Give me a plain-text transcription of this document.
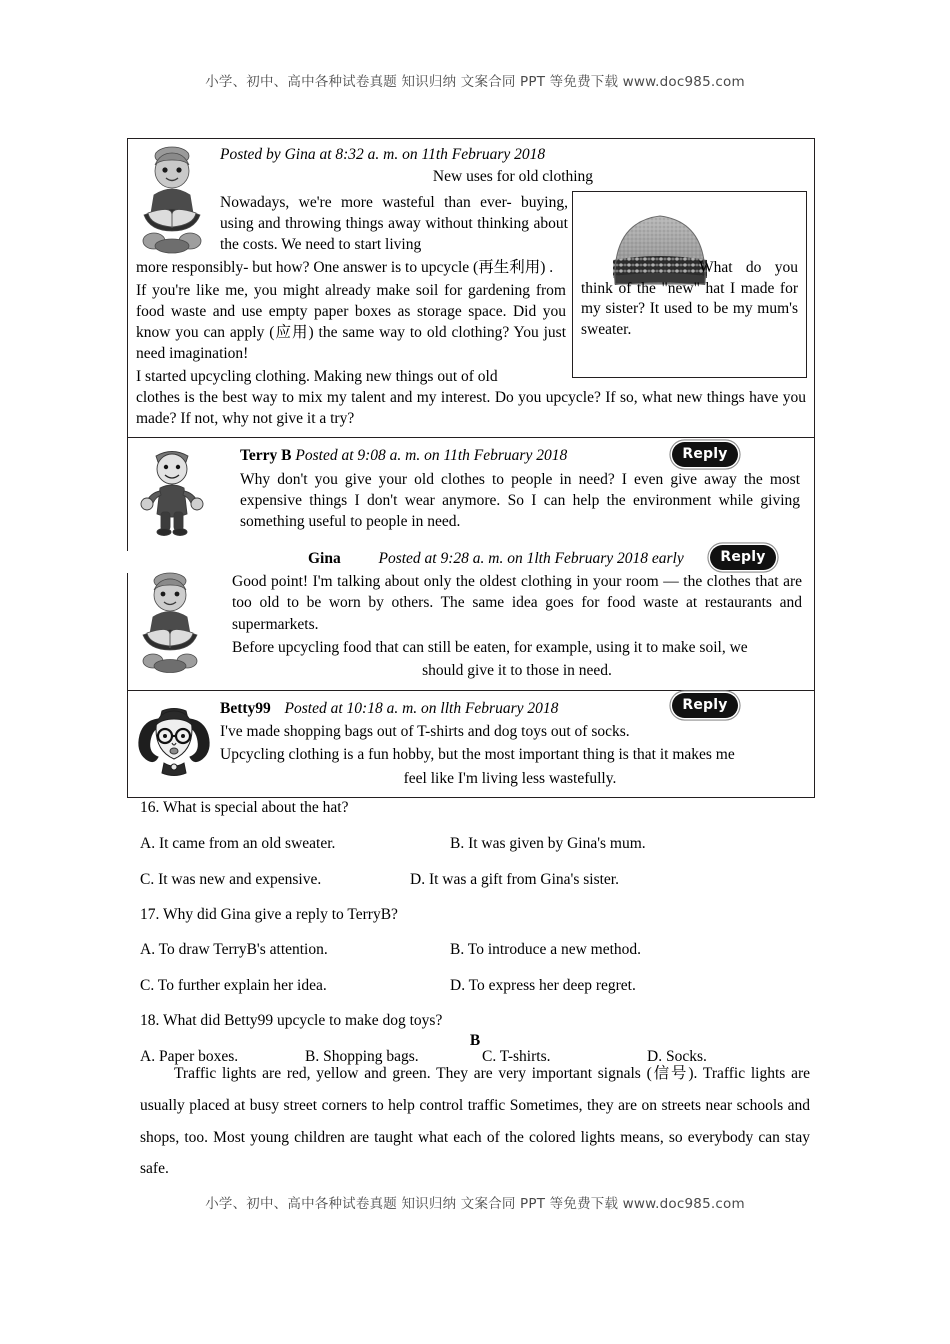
小学、初中、高中各种试卷真题 知识归纳 文案合同 PPT 等免费下载 www.doc985.com
Posted by Gina at 8:32 a. m. on 11th February 2018
New uses for old clothing
Nowadays, we're more wasteful than ever- buying, using and throwing things away without thinking about the costs. We need to start living
more responsibly- but how? One answer is to upcycle (再生利用) .
If you're like me, you might already make soil for gardening from food waste and use empty paper boxes as storage space. Did you know you can apply (应用) the same way to old clothing? You just need imagination!
I started upcycling clothing. Making new things out of old
clothes is the best way to mix my talent and my interest. Do you upcycle? If so, what new things have you made? If not, why not give it a try?
What do you think of the "new" hat I made for my sister? It used to be my mum's sweater.
Reply
Terry B Posted at 9:08 a. m. on 11th February 2018

Why don't you give your old clothes to people in need? I even give away the most expensive things I don't wear anymore. So I can help the environment while giving something useful to people in need.

Reply
Gina Posted at 9:28 a. m. on 1lth February 2018 early

Good point! I'm talking about only the oldest clothing in your room — the clothes that are too old to be worn by others. The same idea goes for food waste at restaurants and supermarkets.

Before upcycling food that can still be eaten, for example, using it to make soil, we

should give it to those in need.

Reply
Betty99 Posted at 10:18 a. m. on llth February 2018

I've made shopping bags out of T-shirts and dog toys out of socks.

Upcycling clothing is a fun hobby, but the most important thing is that it makes me

feel like I'm living less wastefully.

16. What is special about the hat?
A. It came from an old sweater.	B. It was given by Gina's mum.
C. It was new and expensive.	D. It was a gift from Gina's sister.
17. Why did Gina give a reply to TerryB?
A. To draw TerryB's attention.	B. To introduce a new method.
C. To further explain her idea.	D. To express her deep regret.
18. What did Betty99 upcycle to make dog toys?
A. Paper boxes.	B. Shopping bags.	C. T-shirts.	D. Socks.
B
Traffic lights are red, yellow and green. They are very important signals (信号). Traffic lights are usually placed at busy street corners to help control traffic Sometimes, they are on streets near schools and shops, too. Most young children are taught what each of the colored lights means, so everybody can stay safe.
小学、初中、高中各种试卷真题 知识归纳 文案合同 PPT 等免费下载 www.doc985.com
